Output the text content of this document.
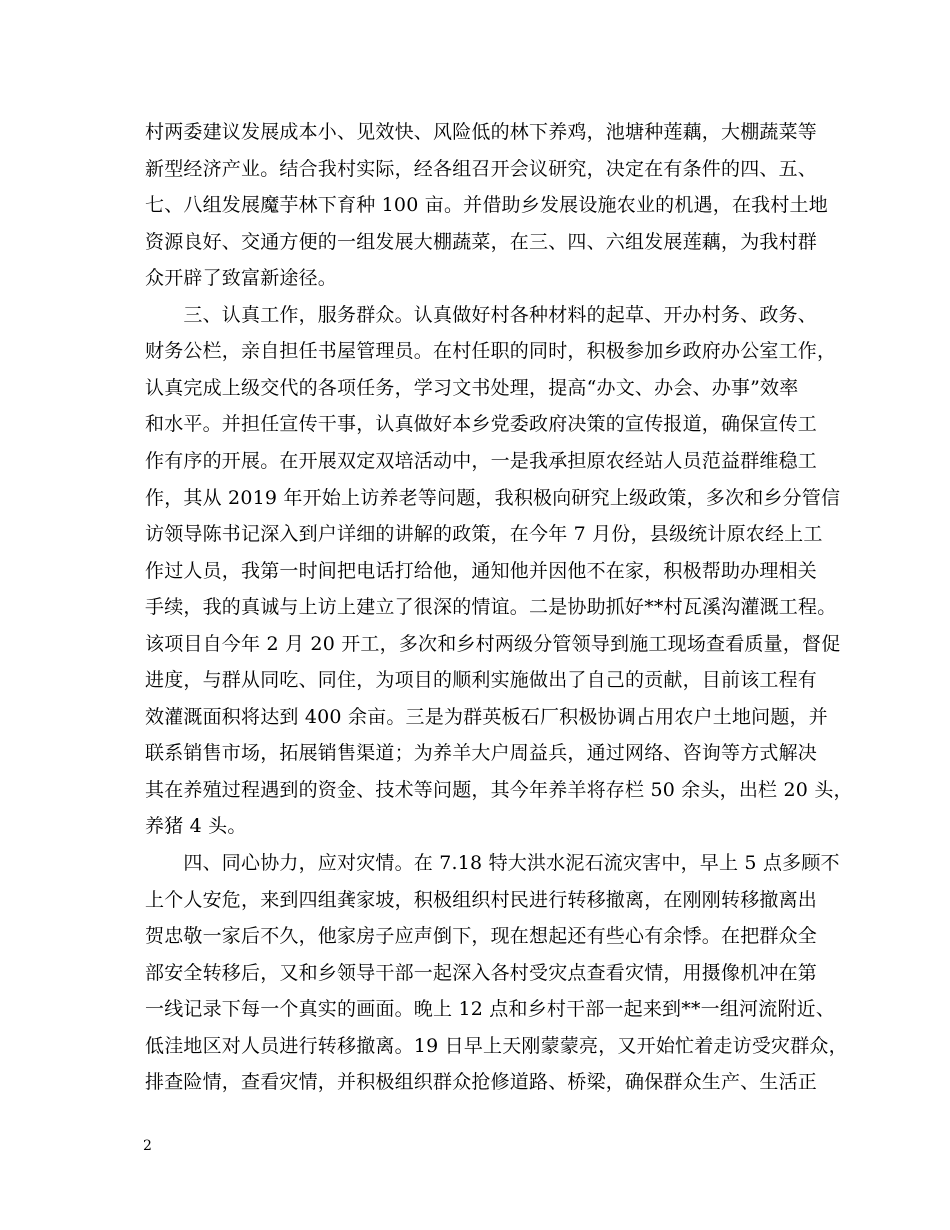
村两委建议发展成本小、见效快、风险低的林下养鸡，池塘种莲藕，大棚蔬菜等
新型经济产业。结合我村实际，经各组召开会议研究，决定在有条件的四、五、
七、八组发展魔芋林下育种 100 亩。并借助乡发展设施农业的机遇，在我村土地
资源良好、交通方便的一组发展大棚蔬菜，在三、四、六组发展莲藕，为我村群
众开辟了致富新途径。
　　三、认真工作，服务群众。认真做好村各种材料的起草、开办村务、政务、
财务公栏，亲自担任书屋管理员。在村任职的同时，积极参加乡政府办公室工作，
认真完成上级交代的各项任务，学习文书处理，提高“办文、办会、办事”效率
和水平。并担任宣传干事，认真做好本乡党委政府决策的宣传报道，确保宣传工
作有序的开展。在开展双定双培活动中，一是我承担原农经站人员范益群维稳工
作，其从 2019 年开始上访养老等问题，我积极向研究上级政策，多次和乡分管信
访领导陈书记深入到户详细的讲解的政策，在今年 7 月份，县级统计原农经上工
作过人员，我第一时间把电话打给他，通知他并因他不在家，积极帮助办理相关
手续，我的真诚与上访上建立了很深的情谊。二是协助抓好**村瓦溪沟灌溉工程。
该项目自今年 2 月 20 开工，多次和乡村两级分管领导到施工现场查看质量，督促
进度，与群从同吃、同住，为项目的顺利实施做出了自己的贡献，目前该工程有
效灌溉面积将达到 400 余亩。三是为群英板石厂积极协调占用农户土地问题，并
联系销售市场，拓展销售渠道；为养羊大户周益兵，通过网络、咨询等方式解决
其在养殖过程遇到的资金、技术等问题，其今年养羊将存栏 50 余头，出栏 20 头，
养猪 4 头。
　　四、同心协力，应对灾情。在 7.18 特大洪水泥石流灾害中，早上 5 点多顾不
上个人安危，来到四组龚家坡，积极组织村民进行转移撤离，在刚刚转移撤离出
贺忠敬一家后不久，他家房子应声倒下，现在想起还有些心有余悸。在把群众全
部安全转移后，又和乡领导干部一起深入各村受灾点查看灾情，用摄像机冲在第
一线记录下每一个真实的画面。晚上 12 点和乡村干部一起来到**一组河流附近、
低洼地区对人员进行转移撤离。19 日早上天刚蒙蒙亮，又开始忙着走访受灾群众，
排查险情，查看灾情，并积极组织群众抢修道路、桥梁，确保群众生产、生活正
2
